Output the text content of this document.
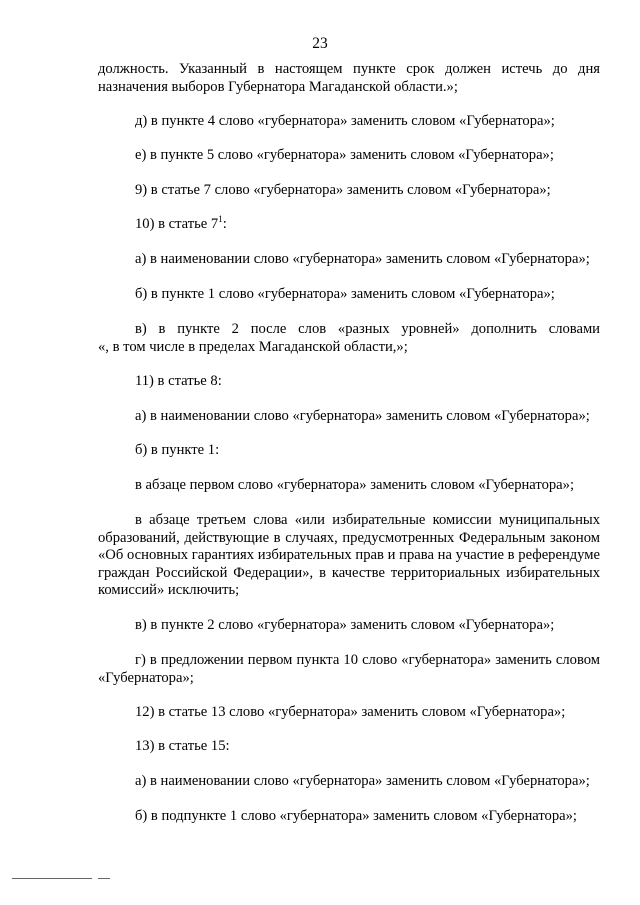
23
должность. Указанный в настоящем пункте срок должен истечь до дня
назначения выборов Губернатора Магаданской области.»;

д) в пункте 4 слово «губернатора» заменить словом «Губернатора»;

е) в пункте 5 слово «губернатора» заменить словом «Губернатора»;

9) в статье 7 слово «губернатора» заменить словом «Губернатора»;

10) в статье $7^1$:

а) в наименовании слово «губернатора» заменить словом «Губернатора»;

б) в пункте 1 слово «губернатора» заменить словом «Губернатора»;

в) в пункте 2 после слов «разных уровней» дополнить словами
«, в том числе в пределах Магаданской области,»;

11) в статье 8:

а) в наименовании слово «губернатора» заменить словом «Губернатора»;

б) в пункте 1:

в абзаце первом слово «губернатора» заменить словом «Губернатора»;

в абзаце третьем слова «или избирательные комиссии муниципальных образований, действующие в случаях, предусмотренных Федеральным законом «Об основных гарантиях избирательных прав и права на участие в референдуме граждан Российской Федерации», в качестве территориальных избирательных комиссий» исключить;

в) в пункте 2 слово «губернатора» заменить словом «Губернатора»;

г) в предложении первом пункта 10 слово «губернатора» заменить словом «Губернатора»;

12) в статье 13 слово «губернатора» заменить словом «Губернатора»;

13) в статье 15:

а) в наименовании слово «губернатора» заменить словом «Губернатора»;

б) в подпункте 1 слово «губернатора» заменить словом «Губернатора»;
